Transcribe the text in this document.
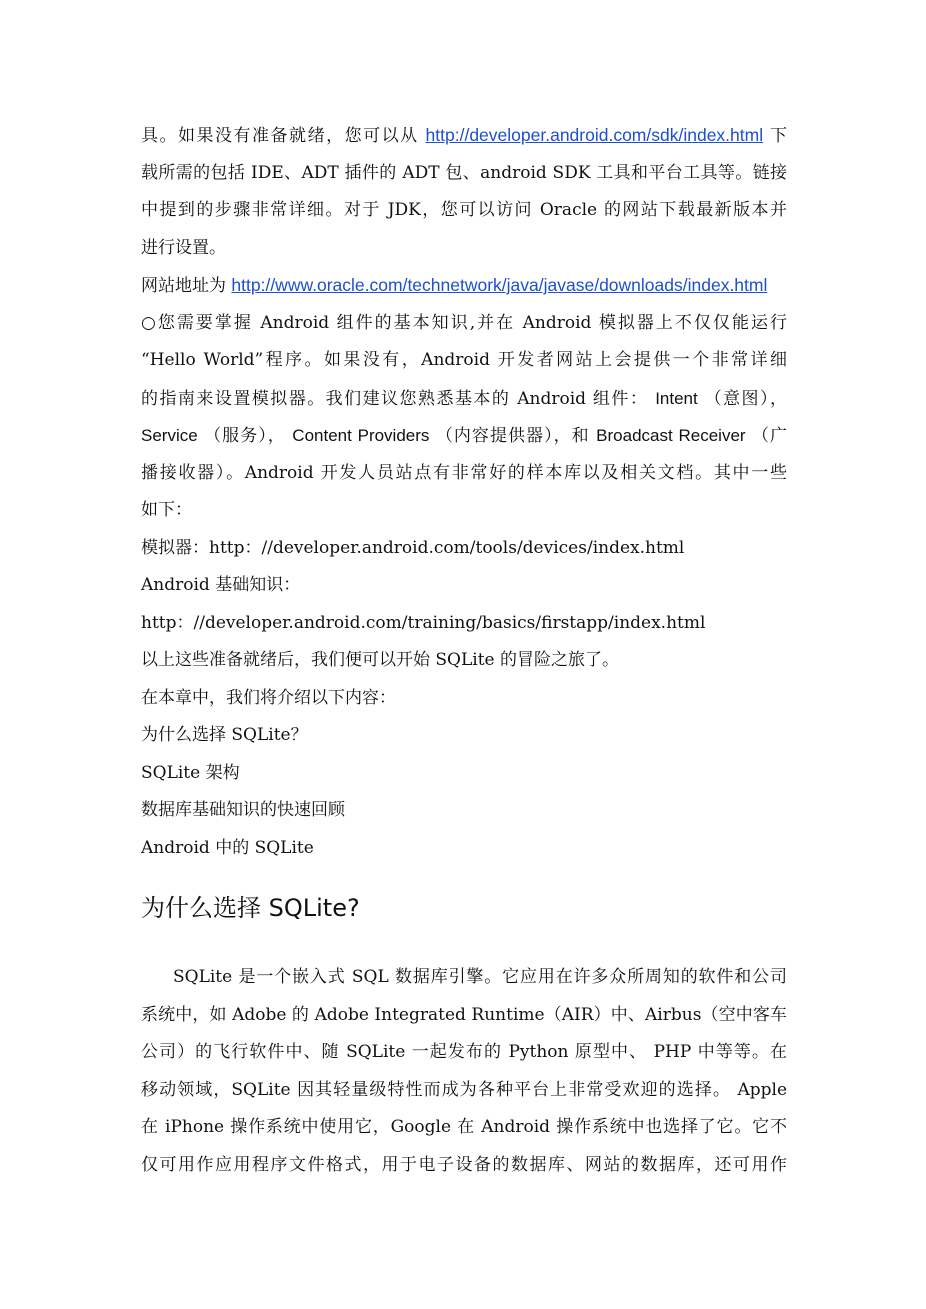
具。如果没有准备就绪，您可以从 http://developer.android.com/sdk/index.html 下
载所需的包括 IDE、ADT 插件的 ADT 包、android SDK 工具和平台工具等。链接
中提到的步骤非常详细。对于 JDK，您可以访问 Oracle 的网站下载最新版本并
进行设置。
网站地址为 http://www.oracle.com/technetwork/java/javase/downloads/index.html
○您需要掌握 Android 组件的基本知识,并在 Android 模拟器上不仅仅能运行
“Hello World”程序。如果没有，Android 开发者网站上会提供一个非常详细
的指南来设置模拟器。我们建议您熟悉基本的 Android 组件： Intent （意图），
Service （服务）， Content Providers （内容提供器），和 Broadcast Receiver （广
播接收器）。Android 开发人员站点有非常好的样本库以及相关文档。其中一些
如下：
模拟器：http：//developer.android.com/tools/devices/index.html
Android 基础知识：
http：//developer.android.com/training/basics/firstapp/index.html
以上这些准备就绪后，我们便可以开始 SQLite 的冒险之旅了。
在本章中，我们将介绍以下内容：
为什么选择 SQLite？
SQLite 架构
数据库基础知识的快速回顾
Android 中的 SQLite
为什么选择 SQLite?
SQLite 是一个嵌入式 SQL 数据库引擎。它应用在许多众所周知的软件和公司
系统中，如 Adobe 的 Adobe Integrated Runtime（AIR）中、Airbus（空中客车
公司）的飞行软件中、随 SQLite 一起发布的 Python 原型中、 PHP 中等等。在
移动领域，SQLite 因其轻量级特性而成为各种平台上非常受欢迎的选择。 Apple
在 iPhone 操作系统中使用它，Google 在 Android 操作系统中也选择了它。它不
仅可用作应用程序文件格式，用于电子设备的数据库、网站的数据库，还可用作
